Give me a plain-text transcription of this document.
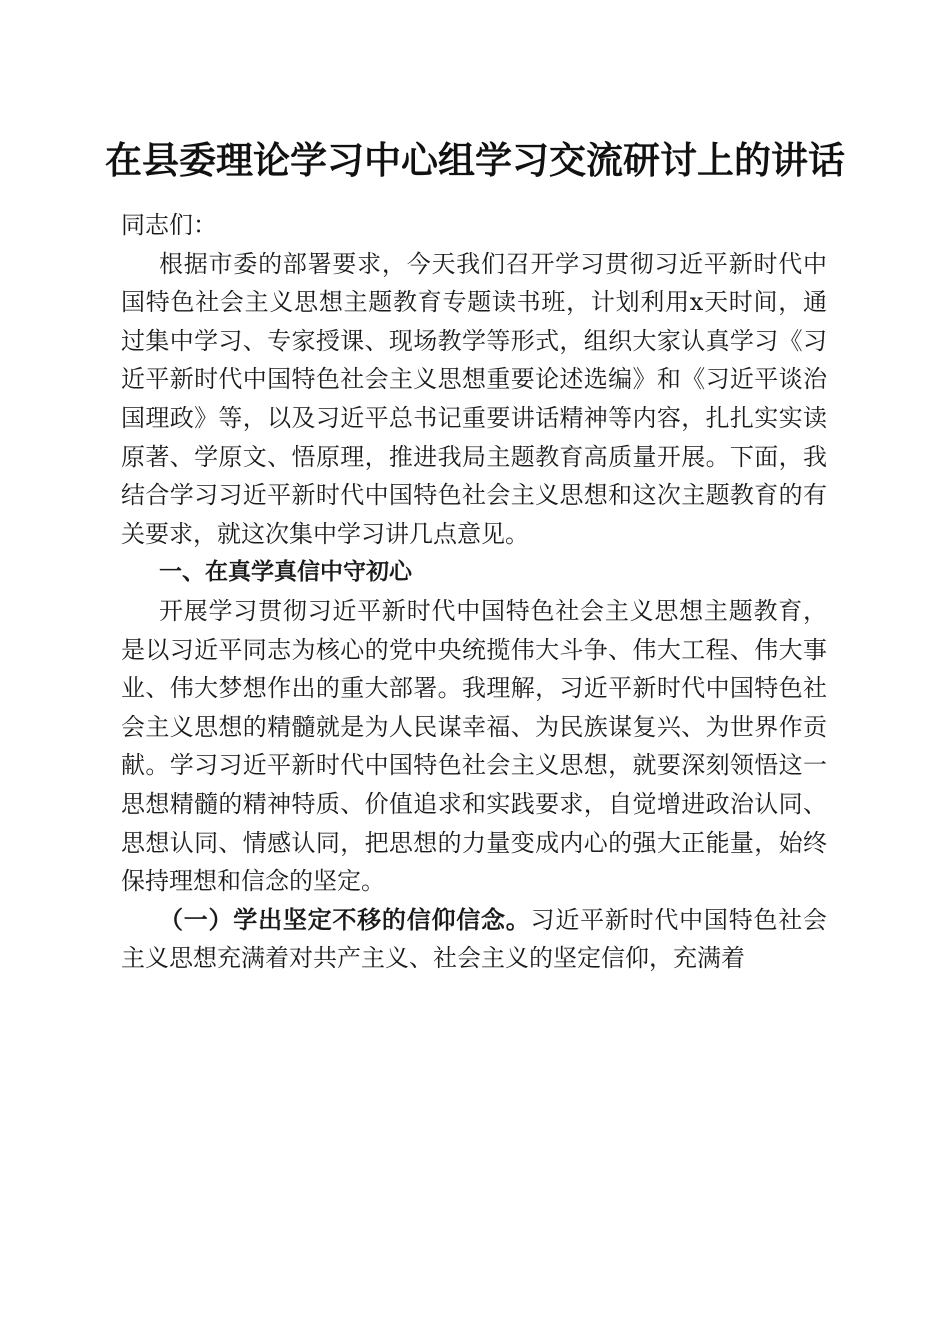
在县委理论学习中心组学习交流研讨上的讲话

同志们：

根据市委的部署要求，今天我们召开学习贯彻习近平新时代中国特色社会主义思想主题教育专题读书班，计划利用x天时间，通过集中学习、专家授课、现场教学等形式，组织大家认真学习《习近平新时代中国特色社会主义思想重要论述选编》和《习近平谈治国理政》等，以及习近平总书记重要讲话精神等内容，扎扎实实读原著、学原文、悟原理，推进我局主题教育高质量开展。下面，我结合学习习近平新时代中国特色社会主义思想和这次主题教育的有关要求，就这次集中学习讲几点意见。

一、在真学真信中守初心

开展学习贯彻习近平新时代中国特色社会主义思想主题教育，是以习近平同志为核心的党中央统揽伟大斗争、伟大工程、伟大事业、伟大梦想作出的重大部署。我理解，习近平新时代中国特色社会主义思想的精髓就是为人民谋幸福、为民族谋复兴、为世界作贡献。学习习近平新时代中国特色社会主义思想，就要深刻领悟这一思想精髓的精神特质、价值追求和实践要求，自觉增进政治认同、思想认同、情感认同，把思想的力量变成内心的强大正能量，始终保持理想和信念的坚定。

（一）学出坚定不移的信仰信念。习近平新时代中国特色社会主义思想充满着对共产主义、社会主义的坚定信仰，充满着
